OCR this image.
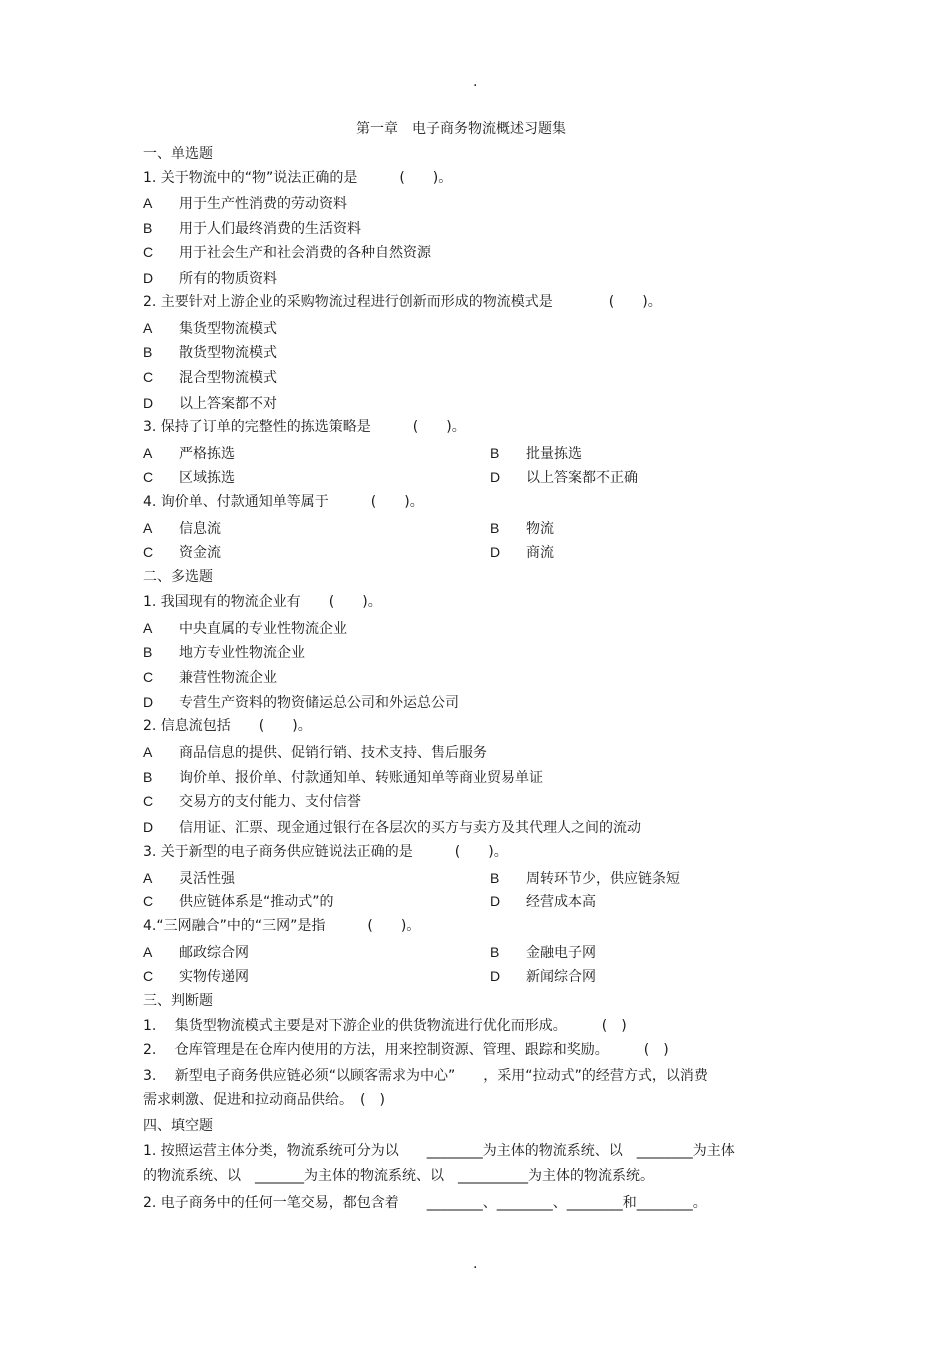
.
第一章　电子商务物流概述习题集
一、单选题
1. 关于物流中的“物”说法正确的是　　　(　　)。
A 用于生产性消费的劳动资料
B 用于人们最终消费的生活资料
C 用于社会生产和社会消费的各种自然资源
D 所有的物质资料
2. 主要针对上游企业的采购物流过程进行创新而形成的物流模式是　　　　(　　)。
A 集货型物流模式
B 散货型物流模式
C 混合型物流模式
D 以上答案都不对
3. 保持了订单的完整性的拣选策略是　　　(　　)。
A 严格拣选	B 批量拣选
C 区域拣选	D 以上答案都不正确
4. 询价单、付款通知单等属于　　　(　　)。
A 信息流	B 物流
C 资金流	D 商流
二、多选题
1. 我国现有的物流企业有　　(　　)。
A 中央直属的专业性物流企业
B 地方专业性物流企业
C 兼营性物流企业
D 专营生产资料的物资储运总公司和外运总公司
2. 信息流包括　　(　　)。
A 商品信息的提供、促销行销、技术支持、售后服务
B 询价单、报价单、付款通知单、转账通知单等商业贸易单证
C 交易方的支付能力、支付信誉
D 信用证、汇票、现金通过银行在各层次的买方与卖方及其代理人之间的流动
3. 关于新型的电子商务供应链说法正确的是　　　(　　)。
A 灵活性强	B 周转环节少，供应链条短
C 供应链体系是“推动式”的	D 经营成本高
4.“三网融合”中的“三网”是指　　　(　　)。
A 邮政综合网	B 金融电子网
C 实物传递网	D 新闻综合网
三、判断题
1.　 集货型物流模式主要是对下游企业的供货物流进行优化而形成。　　　(　)
2.　 仓库管理是在仓库内使用的方法，用来控制资源、管理、跟踪和奖励。　　　(　)
3.　 新型电子商务供应链必须“以顾客需求为中心”　　，采用“拉动式”的经营方式，以消费
需求刺激、促进和拉动商品供给。　(　)
四、填空题
1. 按照运营主体分类，物流系统可分为以　　________为主体的物流系统、以　________为主体
的物流系统、以　_______为主体的物流系统、以　__________为主体的物流系统。
2. 电子商务中的任何一笔交易，都包含着　　________、________、________和________。
.
